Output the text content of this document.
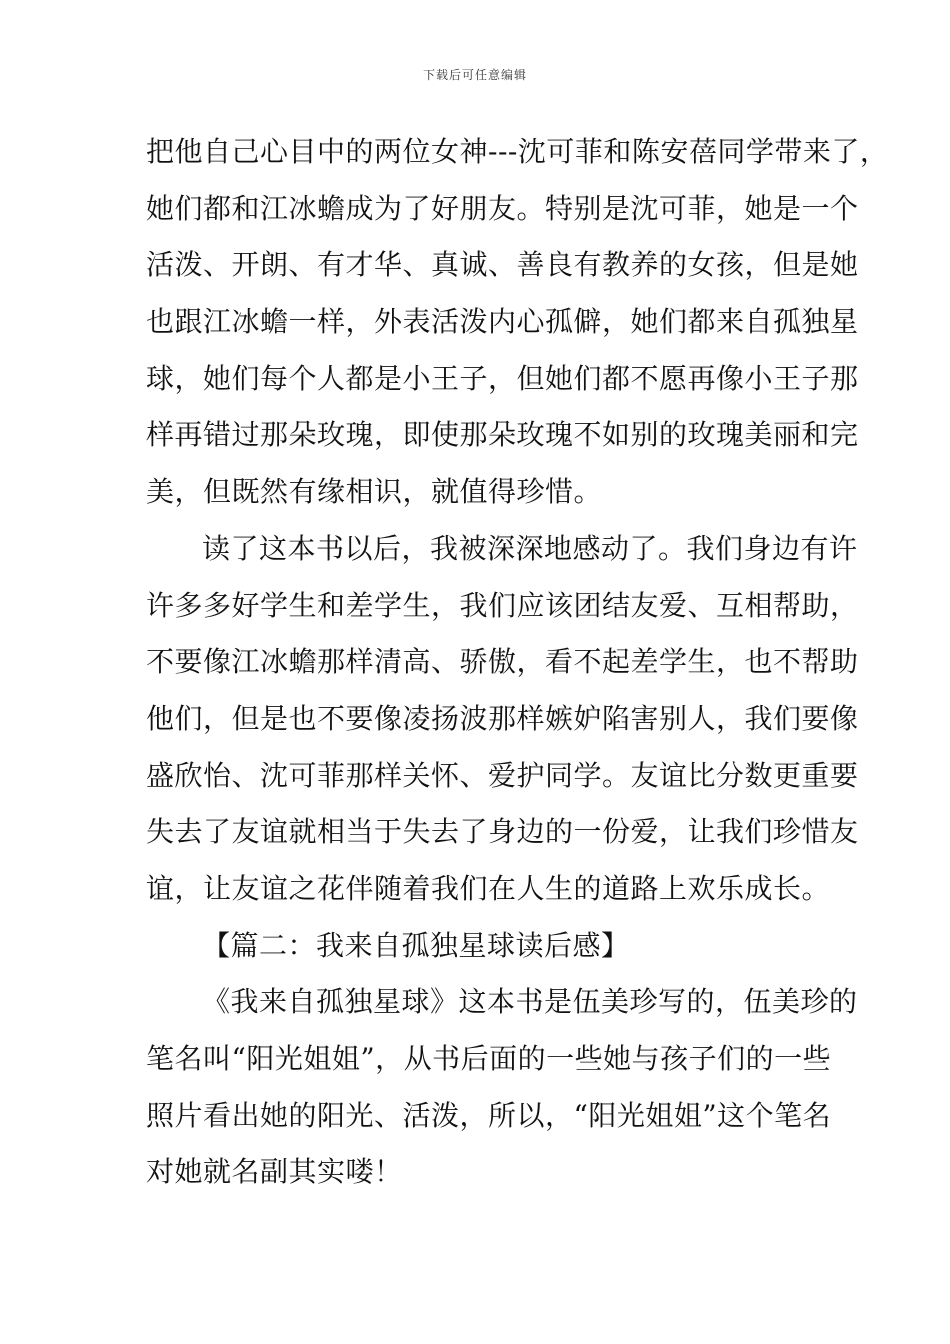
下载后可任意编辑
把他自己心目中的两位女神---沈可菲和陈安蓓同学带来了，
她们都和江冰蟾成为了好朋友。特别是沈可菲，她是一个
活泼、开朗、有才华、真诚、善良有教养的女孩，但是她
也跟江冰蟾一样，外表活泼内心孤僻，她们都来自孤独星
球，她们每个人都是小王子，但她们都不愿再像小王子那
样再错过那朵玫瑰，即使那朵玫瑰不如别的玫瑰美丽和完
美，但既然有缘相识，就值得珍惜。
读了这本书以后，我被深深地感动了。我们身边有许
许多多好学生和差学生，我们应该团结友爱、互相帮助，
不要像江冰蟾那样清高、骄傲，看不起差学生，也不帮助
他们，但是也不要像凌扬波那样嫉妒陷害别人，我们要像
盛欣怡、沈可菲那样关怀、爱护同学。友谊比分数更重要
失去了友谊就相当于失去了身边的一份爱，让我们珍惜友
谊，让友谊之花伴随着我们在人生的道路上欢乐成长。
【篇二：我来自孤独星球读后感】
《我来自孤独星球》这本书是伍美珍写的，伍美珍的
笔名叫“阳光姐姐”，从书后面的一些她与孩子们的一些
照片看出她的阳光、活泼，所以，“阳光姐姐”这个笔名
对她就名副其实喽！
